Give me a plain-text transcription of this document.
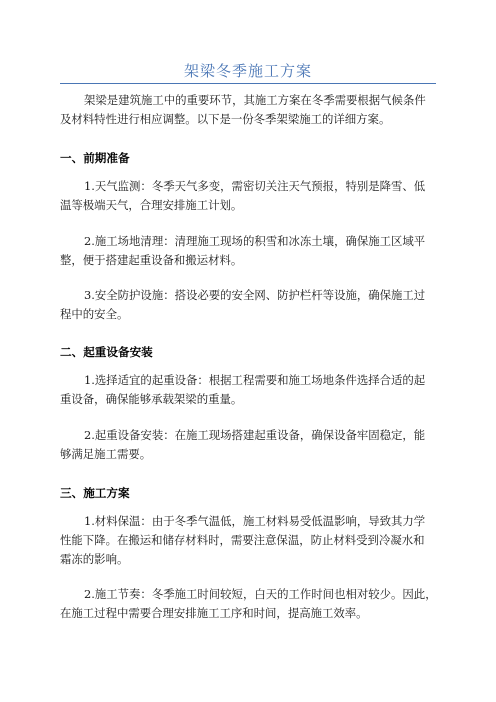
架梁冬季施工方案
架梁是建筑施工中的重要环节，其施工方案在冬季需要根据气候条件
及材料特性进行相应调整。以下是一份冬季架梁施工的详细方案。
一、前期准备
1.天气监测：冬季天气多变，需密切关注天气预报，特别是降雪、低
温等极端天气，合理安排施工计划。
2.施工场地清理：清理施工现场的积雪和冰冻土壤，确保施工区域平
整，便于搭建起重设备和搬运材料。
3.安全防护设施：搭设必要的安全网、防护栏杆等设施，确保施工过
程中的安全。
二、起重设备安装
1.选择适宜的起重设备：根据工程需要和施工场地条件选择合适的起
重设备，确保能够承载架梁的重量。
2.起重设备安装：在施工现场搭建起重设备，确保设备牢固稳定，能
够满足施工需要。
三、施工方案
1.材料保温：由于冬季气温低，施工材料易受低温影响，导致其力学
性能下降。在搬运和储存材料时，需要注意保温，防止材料受到冷凝水和
霜冻的影响。
2.施工节奏：冬季施工时间较短，白天的工作时间也相对较少。因此，
在施工过程中需要合理安排施工工序和时间，提高施工效率。
